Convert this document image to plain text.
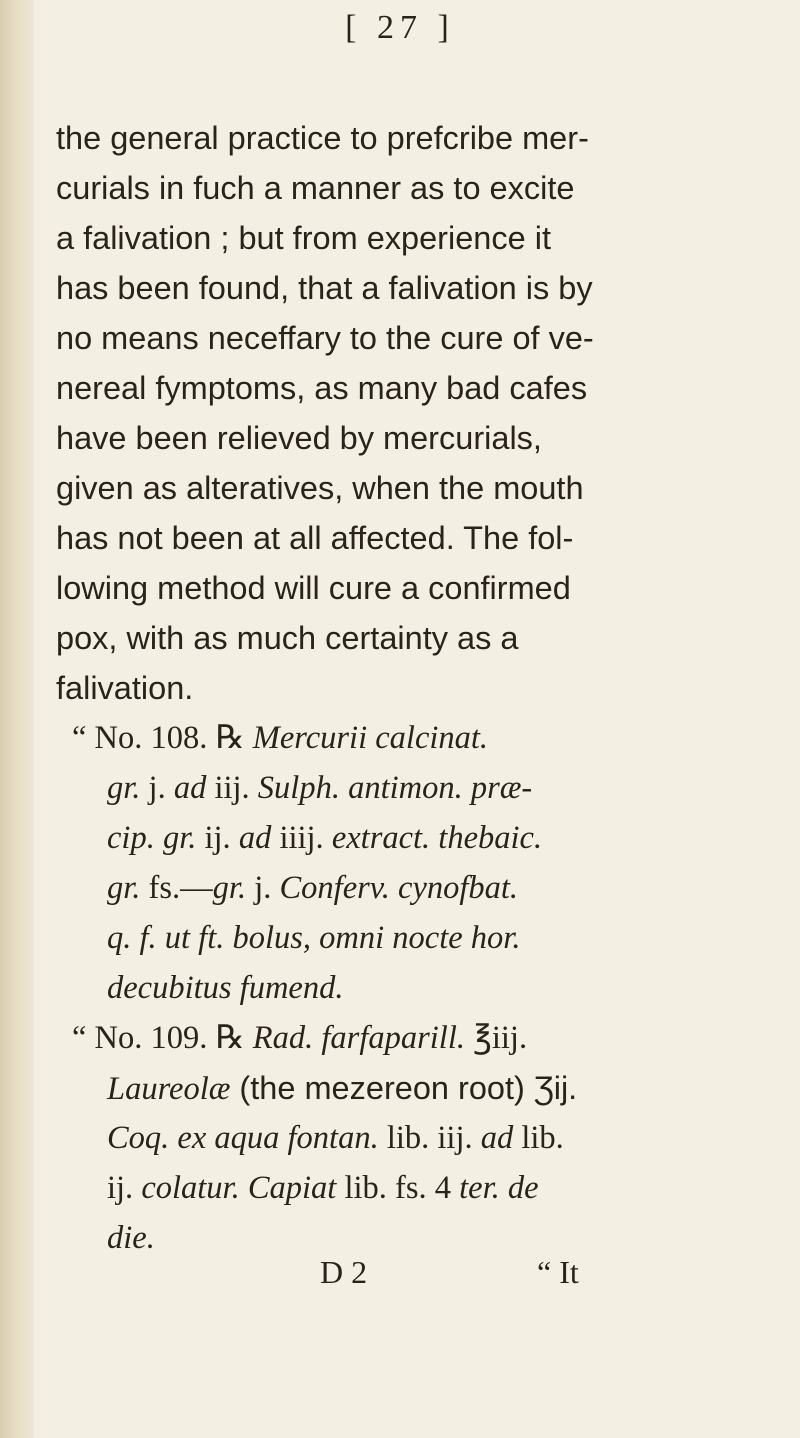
[ 27 ]
the general practice to prefcribe mer-
curials in fuch a manner as to excite
a falivation ; but from experience it
has been found, that a falivation is by
no means neceffary to the cure of ve-
nereal fymptoms, as many bad cafes
have been relieved by mercurials,
given as alteratives, when the mouth
has not been at all affected. The fol-
lowing method will cure a confirmed
pox, with as much certainty as a
falivation.
“ No. 108. ℞ Mercurii calcinat.
gr. j. ad iij. Sulph. antimon. præ-
cip. gr. ij. ad iiij. extract. thebaic.
gr. fs.—gr. j. Conferv. cynofbat.
q. f. ut ft. bolus, omni nocte hor.
decubitus fumend.
“ No. 109. ℞ Rad. farfaparill. ℥iij.
Laureolæ (the mezereon root) Ʒij.
Coq. ex aqua fontan. lib. iij. ad lib.
ij. colatur. Capiat lib. fs. 4 ter. de
die.
D 2	“ It
